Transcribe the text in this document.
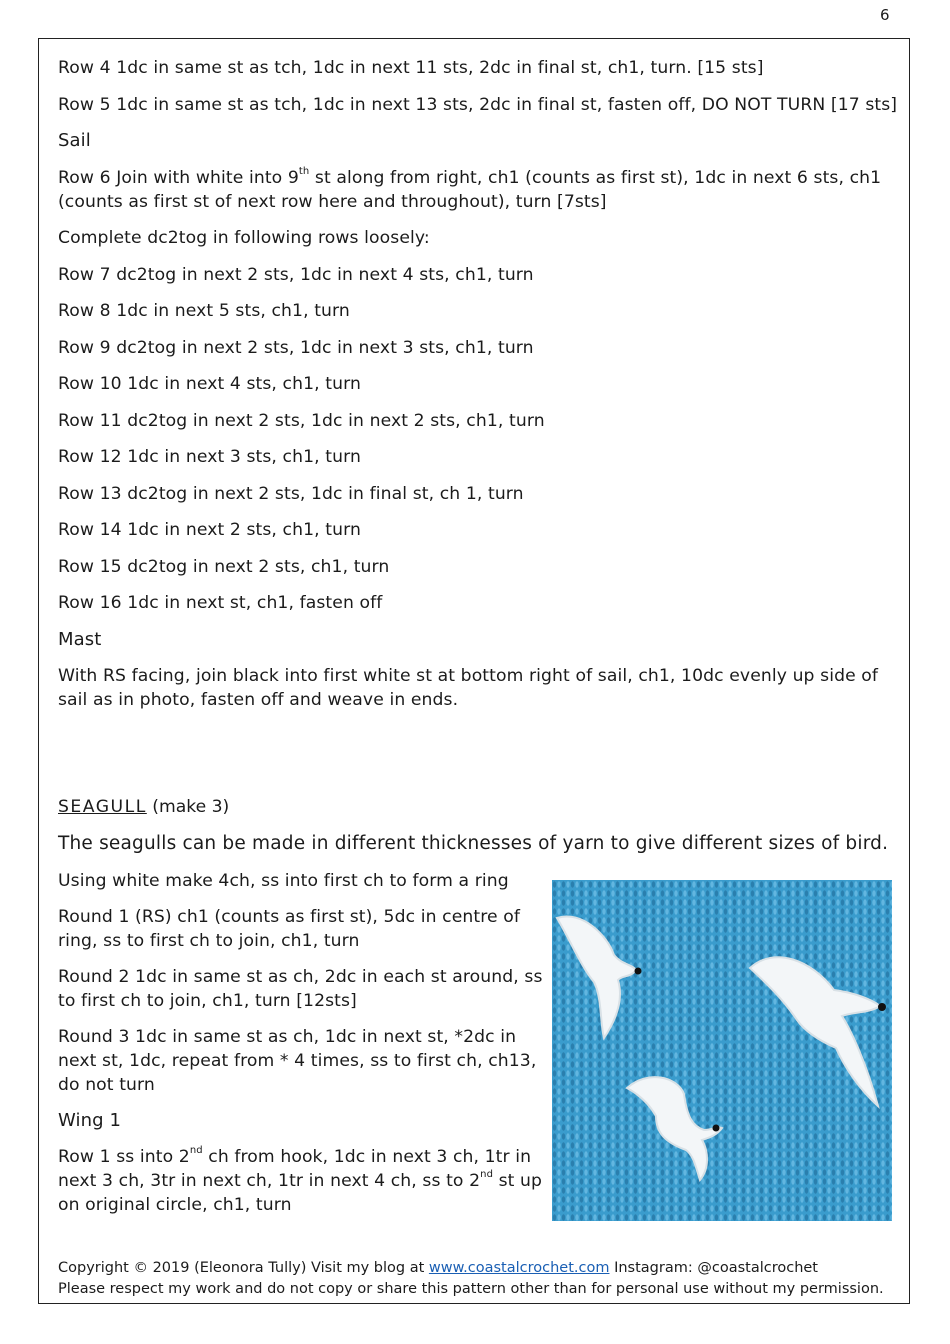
6

Row 4 1dc in same st as tch, 1dc in next 11 sts, 2dc in final st, ch1, turn. [15 sts]

Row 5 1dc in same st as tch, 1dc in next 13 sts, 2dc in final st, fasten off, DO NOT TURN [17 sts]

Sail

Row 6 Join with white into 9th st along from right, ch1 (counts as first st), 1dc in next 6 sts, ch1 (counts as first st of next row here and throughout), turn [7sts]

Complete dc2tog in following rows loosely:

Row 7 dc2tog in next 2 sts, 1dc in next 4 sts, ch1, turn

Row 8 1dc in next 5 sts, ch1, turn

Row 9 dc2tog in next 2 sts, 1dc in next 3 sts, ch1, turn

Row 10 1dc in next 4 sts, ch1, turn

Row 11 dc2tog in next 2 sts, 1dc in next 2 sts, ch1, turn

Row 12 1dc in next 3 sts, ch1, turn

Row 13 dc2tog in next 2 sts, 1dc in final st, ch 1, turn

Row 14 1dc in next 2 sts, ch1, turn

Row 15 dc2tog in next 2 sts, ch1, turn

Row 16 1dc in next st, ch1, fasten off

Mast

With RS facing, join black into first white st at bottom right of sail, ch1, 10dc evenly up side of sail as in photo, fasten off and weave in ends.

SEAGULL (make 3)
The seagulls can be made in different thicknesses of yarn to give different sizes of bird.

Using white make 4ch, ss into first ch to form a ring

Round 1 (RS) ch1 (counts as first st), 5dc in centre of ring, ss to first ch to join, ch1, turn

Round 2 1dc in same st as ch, 2dc in each st around, ss to first ch to join, ch1, turn [12sts]

Round 3 1dc in same st as ch, 1dc in next st, *2dc in next st, 1dc, repeat from * 4 times, ss to first ch, ch13, do not turn

Wing 1

Row 1 ss into 2nd ch from hook, 1dc in next 3 ch, 1tr in next 3 ch, 3tr in next ch, 1tr in next 4 ch, ss to 2nd st up on original circle, ch1, turn

Copyright © 2019 (Eleonora Tully) Visit my blog at www.coastalcrochet.com Instagram: @coastalcrochet
Please respect my work and do not copy or share this pattern other than for personal use without my permission.
